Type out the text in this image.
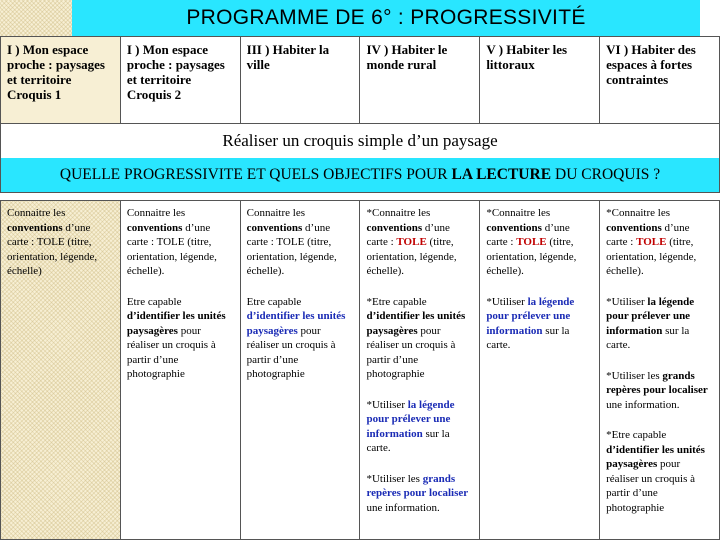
PROGRAMME DE 6° : PROGRESSIVITÉ
I ) Mon espace proche : paysages et territoire Croquis 1	I ) Mon espace proche : paysages et territoire Croquis 2	III ) Habiter la ville	IV ) Habiter le monde rural	V ) Habiter les littoraux	VI ) Habiter des espaces à fortes contraintes
Réaliser un croquis simple d’un paysage
QUELLE PROGRESSIVITE ET QUELS OBJECTIFS POUR LA LECTURE DU CROQUIS ?
Connaitre les conventions d’une carte : TOLE (titre, orientation, légende, échelle)

Connaitre les conventions d’une carte : TOLE (titre, orientation, légende, échelle).
Etre capable d’identifier les unités paysagères pour réaliser un croquis à partir d’une photographie

Connaitre les conventions d’une carte : TOLE (titre, orientation, légende, échelle).
Etre capable d’identifier les unités paysagères pour réaliser un croquis à partir d’une photographie

*Connaitre les conventions d’une carte : TOLE (titre, orientation, légende, échelle).
*Etre capable d’identifier les unités paysagères pour réaliser un croquis à partir d’une photographie
*Utiliser la légende pour prélever une information sur la carte.
*Utiliser les grands repères pour localiser une information.

*Connaitre les conventions d’une carte : TOLE (titre, orientation, légende, échelle).
*Utiliser la légende pour prélever une information sur la carte.

*Connaitre les conventions d’une carte : TOLE (titre, orientation, légende, échelle).
*Utiliser la légende pour prélever une information sur la carte.
*Utiliser les grands repères pour localiser une information.
*Etre capable d’identifier les unités paysagères pour réaliser un croquis à partir d’une photographie
